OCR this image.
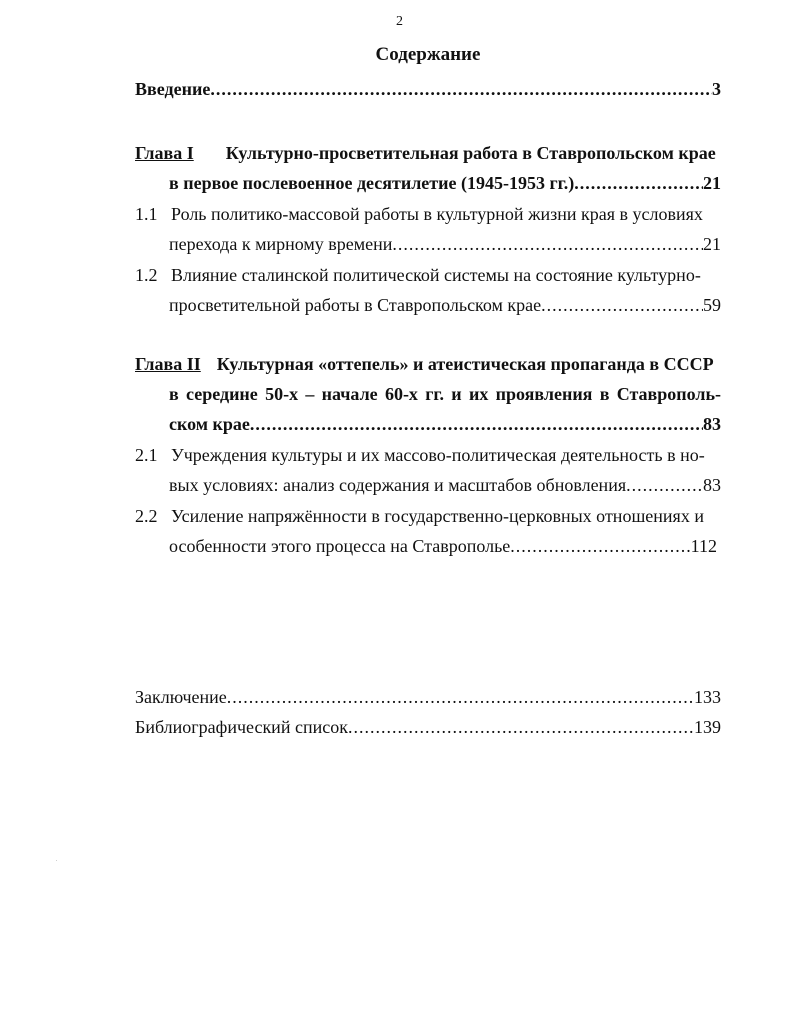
2
Содержание
Введение .....	3
Глава I Культурно-просветительная работа в Ставропольском крае
в первое послевоенное десятилетие (1945-1953 гг.) .....	21
1.1 Роль политико-массовой работы в культурной жизни края в условиях
перехода к мирному времени .....	21
1.2 Влияние сталинской политической системы на состояние культурно-
просветительной работы в Ставропольском крае .....	59
Глава II Культурная «оттепель» и атеистическая пропаганда в СССР
в середине 50-х – начале 60-х гг. и их проявления в Ставрополь-
ском крае .....	83
2.1 Учреждения культуры и их массово-политическая деятельность в но-
вых условиях: анализ содержания и масштабов обновления .....	83
2.2 Усиление напряжённости в государственно-церковных отношениях и
особенности этого процесса на Ставрополье .....	112
Заключение .....	133
Библиографический список .....	139
